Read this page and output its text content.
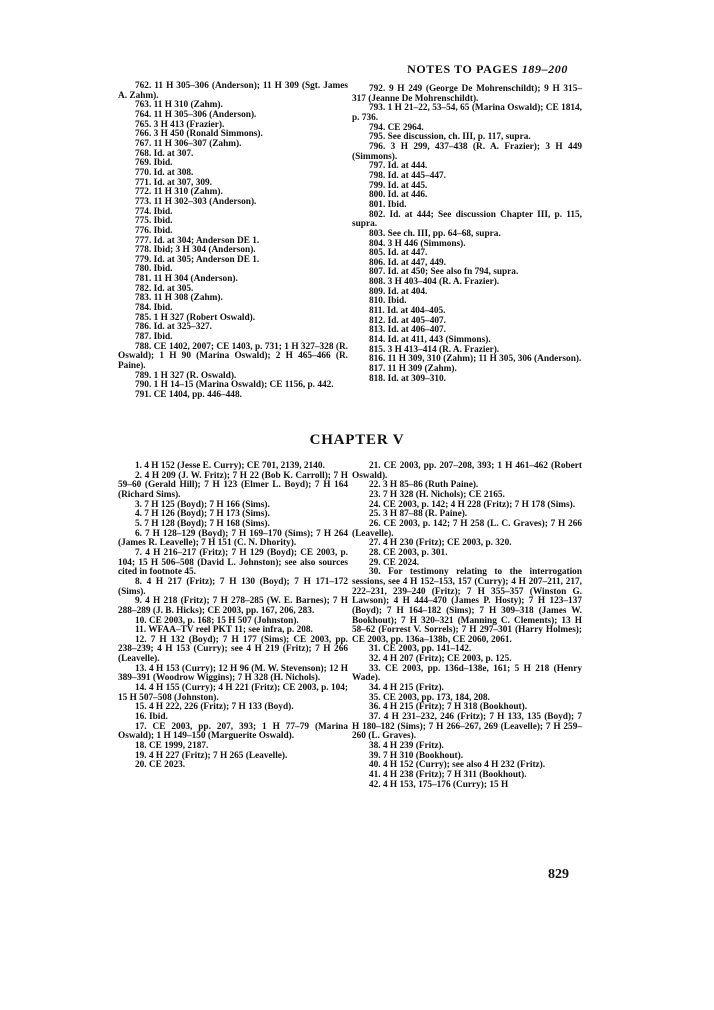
NOTES TO PAGES 189–200

762. 11 H 305–306 (Anderson); 11 H 309 (Sgt. James A. Zahm).

763. 11 H 310 (Zahm).

764. 11 H 305–306 (Anderson).

765. 3 H 413 (Frazier).

766. 3 H 450 (Ronald Simmons).

767. 11 H 306–307 (Zahm).

768. Id. at 307.

769. Ibid.

770. Id. at 308.

771. Id. at 307, 309.

772. 11 H 310 (Zahm).

773. 11 H 302–303 (Anderson).

774. Ibid.

775. Ibid.

776. Ibid.

777. Id. at 304; Anderson DE 1.

778. Ibid; 3 H 304 (Anderson).

779. Id. at 305; Anderson DE 1.

780. Ibid.

781. 11 H 304 (Anderson).

782. Id. at 305.

783. 11 H 308 (Zahm).

784. Ibid.

785. 1 H 327 (Robert Oswald).

786. Id. at 325–327.

787. Ibid.

788. CE 1402, 2007; CE 1403, p. 731; 1 H 327–328 (R. Oswald); 1 H 90 (Marina Oswald); 2 H 465–466 (R. Paine).

789. 1 H 327 (R. Oswald).

790. 1 H 14–15 (Marina Oswald); CE 1156, p. 442.

791. CE 1404, pp. 446–448.

792. 9 H 249 (George De Mohrenschildt); 9 H 315–317 (Jeanne De Mohrenschildt).

793. 1 H 21–22, 53–54, 65 (Marina Oswald); CE 1814, p. 736.

794. CE 2964.

795. See discussion, ch. III, p. 117, supra.

796. 3 H 299, 437–438 (R. A. Frazier); 3 H 449 (Simmons).

797. Id. at 444.

798. Id. at 445–447.

799. Id. at 445.

800. Id. at 446.

801. Ibid.

802. Id. at 444; See discussion Chapter III, p. 115, supra.

803. See ch. III, pp. 64–68, supra.

804. 3 H 446 (Simmons).

805. Id. at 447.

806. Id. at 447, 449.

807. Id. at 450; See also fn 794, supra.

808. 3 H 403–404 (R. A. Frazier).

809. Id. at 404.

810. Ibid.

811. Id. at 404–405.

812. Id. at 405–407.

813. Id. at 406–407.

814. Id. at 411, 443 (Simmons).

815. 3 H 413–414 (R. A. Frazier).

816. 11 H 309, 310 (Zahm); 11 H 305, 306 (Anderson).

817. 11 H 309 (Zahm).

818. Id. at 309–310.

CHAPTER V

1. 4 H 152 (Jesse E. Curry); CE 701, 2139, 2140.

2. 4 H 209 (J. W. Fritz); 7 H 22 (Bob K. Carroll); 7 H 59–60 (Gerald Hill); 7 H 123 (Elmer L. Boyd); 7 H 164 (Richard Sims).

3. 7 H 125 (Boyd); 7 H 166 (Sims).

4. 7 H 126 (Boyd); 7 H 173 (Sims).

5. 7 H 128 (Boyd); 7 H 168 (Sims).

6. 7 H 128–129 (Boyd); 7 H 169–170 (Sims); 7 H 264 (James R. Leavelle); 7 H 151 (C. N. Dhority).

7. 4 H 216–217 (Fritz); 7 H 129 (Boyd); CE 2003, p. 104; 15 H 506–508 (David L. Johnston); see also sources cited in footnote 45.

8. 4 H 217 (Fritz); 7 H 130 (Boyd); 7 H 171–172 (Sims).

9. 4 H 218 (Fritz); 7 H 278–285 (W. E. Barnes); 7 H 288–289 (J. B. Hicks); CE 2003, pp. 167, 206, 283.

10. CE 2003, p. 168; 15 H 507 (Johnston).

11. WFAA–TV reel PKT 11; see infra, p. 208.

12. 7 H 132 (Boyd); 7 H 177 (Sims); CE 2003, pp. 238–239; 4 H 153 (Curry); see 4 H 219 (Fritz); 7 H 266 (Leavelle).

13. 4 H 153 (Curry); 12 H 96 (M. W. Stevenson); 12 H 389–391 (Woodrow Wiggins); 7 H 328 (H. Nichols).

14. 4 H 155 (Curry); 4 H 221 (Fritz); CE 2003, p. 104; 15 H 507–508 (Johnston).

15. 4 H 222, 226 (Fritz); 7 H 133 (Boyd).

16. Ibid.

17. CE 2003, pp. 207, 393; 1 H 77–79 (Marina Oswald); 1 H 149–150 (Marguerite Oswald).

18. CE 1999, 2187.

19. 4 H 227 (Fritz); 7 H 265 (Leavelle).

20. CE 2023.

21. CE 2003, pp. 207–208, 393; 1 H 461–462 (Robert Oswald).

22. 3 H 85–86 (Ruth Paine).

23. 7 H 328 (H. Nichols); CE 2165.

24. CE 2003, p. 142; 4 H 228 (Fritz); 7 H 178 (Sims).

25. 3 H 87–88 (R. Paine).

26. CE 2003, p. 142; 7 H 258 (L. C. Graves); 7 H 266 (Leavelle).

27. 4 H 230 (Fritz); CE 2003, p. 320.

28. CE 2003, p. 301.

29. CE 2024.

30. For testimony relating to the interrogation sessions, see 4 H 152–153, 157 (Curry); 4 H 207–211, 217, 222–231, 239–240 (Fritz); 7 H 355–357 (Winston G. Lawson); 4 H 444–470 (James P. Hosty); 7 H 123–137 (Boyd); 7 H 164–182 (Sims); 7 H 309–318 (James W. Bookhout); 7 H 320–321 (Manning C. Clements); 13 H 58–62 (Forrest V. Sorrels); 7 H 297–301 (Harry Holmes); CE 2003, pp. 136a–138b, CE 2060, 2061.

31. CE 2003, pp. 141–142.

32. 4 H 207 (Fritz); CE 2003, p. 125.

33. CE 2003, pp. 136d–138e, 161; 5 H 218 (Henry Wade).

34. 4 H 215 (Fritz).

35. CE 2003, pp. 173, 184, 208.

36. 4 H 215 (Fritz); 7 H 318 (Bookhout).

37. 4 H 231–232, 246 (Fritz); 7 H 133, 135 (Boyd); 7 H 180–182 (Sims); 7 H 266–267, 269 (Leavelle); 7 H 259–260 (L. Graves).

38. 4 H 239 (Fritz).

39. 7 H 310 (Bookhout).

40. 4 H 152 (Curry); see also 4 H 232 (Fritz).

41. 4 H 238 (Fritz); 7 H 311 (Bookhout).

42. 4 H 153, 175–176 (Curry); 15 H

829
